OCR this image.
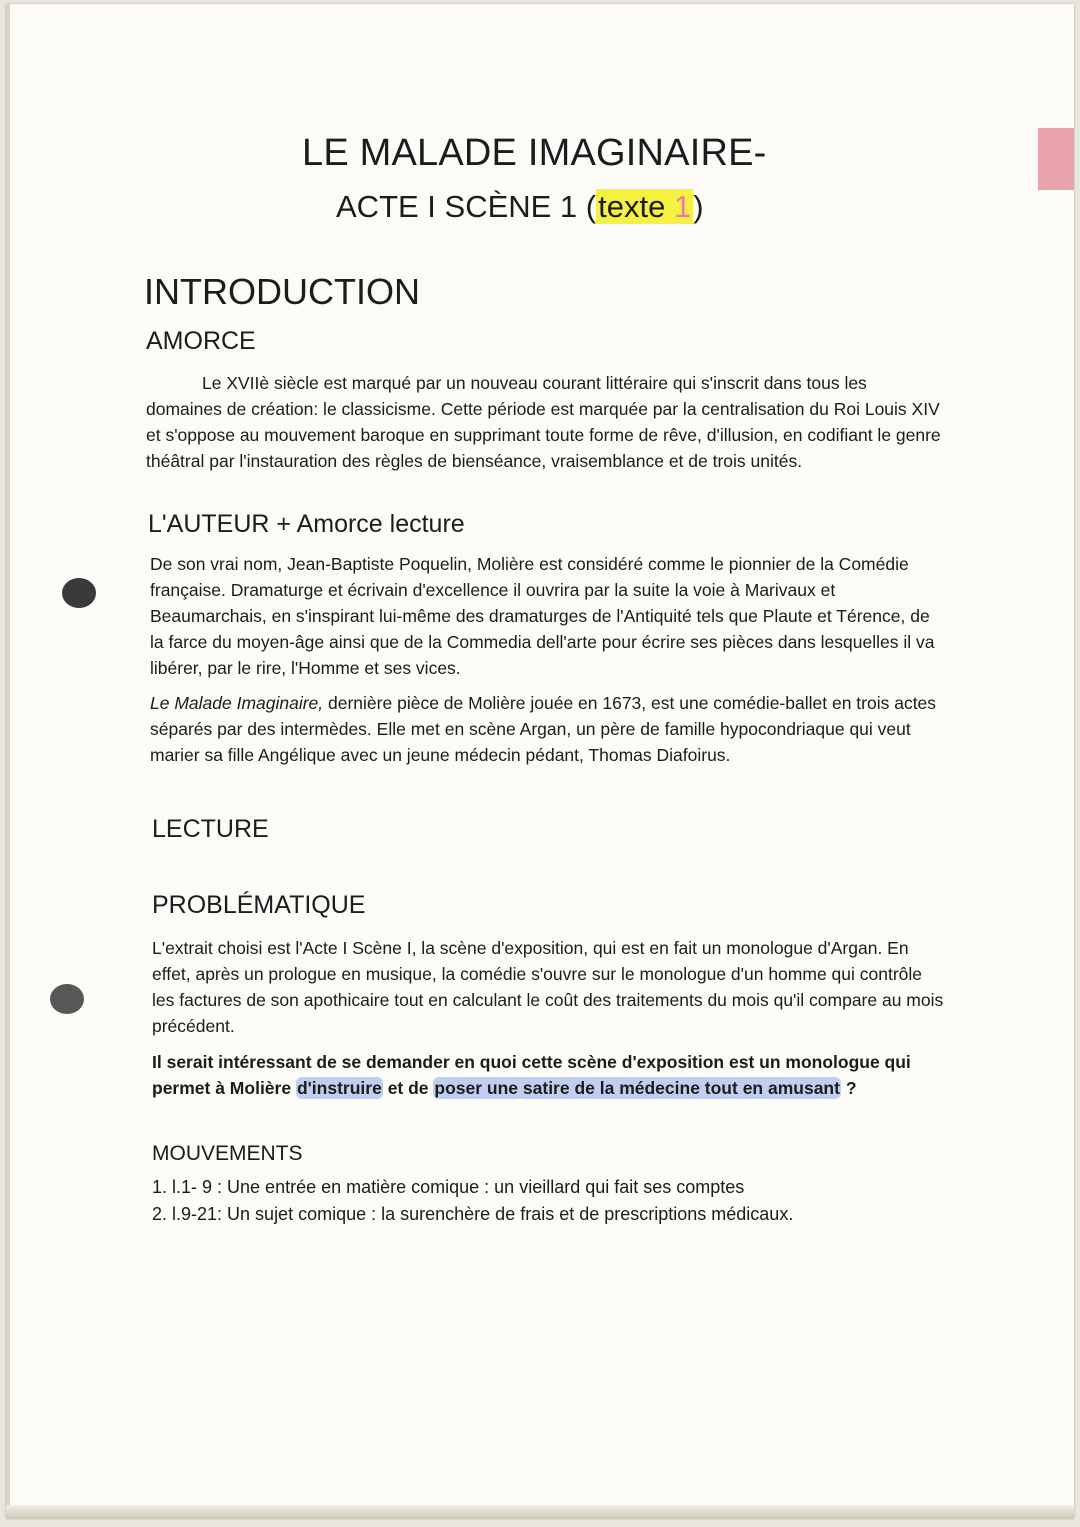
LE MALADE IMAGINAIRE-
ACTE I SCÈNE 1 (texte 1)
INTRODUCTION
AMORCE

Le XVIIè siècle est marqué par un nouveau courant littéraire qui s'inscrit dans tous les domaines de création: le classicisme. Cette période est marquée par la centralisation du Roi Louis XIV et s'oppose au mouvement baroque en supprimant toute forme de rêve, d'illusion, en codifiant le genre théâtral par l'instauration des règles de bienséance, vraisemblance et de trois unités.

L'AUTEUR + Amorce lecture

De son vrai nom, Jean-Baptiste Poquelin, Molière est considéré comme le pionnier de la Comédie française. Dramaturge et écrivain d'excellence il ouvrira par la suite la voie à Marivaux et Beaumarchais, en s'inspirant lui-même des dramaturges de l'Antiquité tels que Plaute et Térence, de la farce du moyen-âge ainsi que de la Commedia dell'arte pour écrire ses pièces dans lesquelles il va libérer, par le rire, l'Homme et ses vices.

Le Malade Imaginaire, dernière pièce de Molière jouée en 1673, est une comédie-ballet en trois actes séparés par des intermèdes. Elle met en scène Argan, un père de famille hypocondriaque qui veut marier sa fille Angélique avec un jeune médecin pédant, Thomas Diafoirus.

LECTURE
PROBLÉMATIQUE

L'extrait choisi est l'Acte I Scène I, la scène d'exposition, qui est en fait un monologue d'Argan. En effet, après un prologue en musique, la comédie s'ouvre sur le monologue d'un homme qui contrôle les factures de son apothicaire tout en calculant le coût des traitements du mois qu'il compare au mois précédent.

Il serait intéressant de se demander en quoi cette scène d'exposition est un monologue qui permet à Molière d'instruire et de poser une satire de la médecine tout en amusant ?

MOUVEMENTS
1. l.1- 9 : Une entrée en matière comique : un vieillard qui fait ses comptes
2. l.9-21: Un sujet comique : la surenchère de frais et de prescriptions médicaux.
